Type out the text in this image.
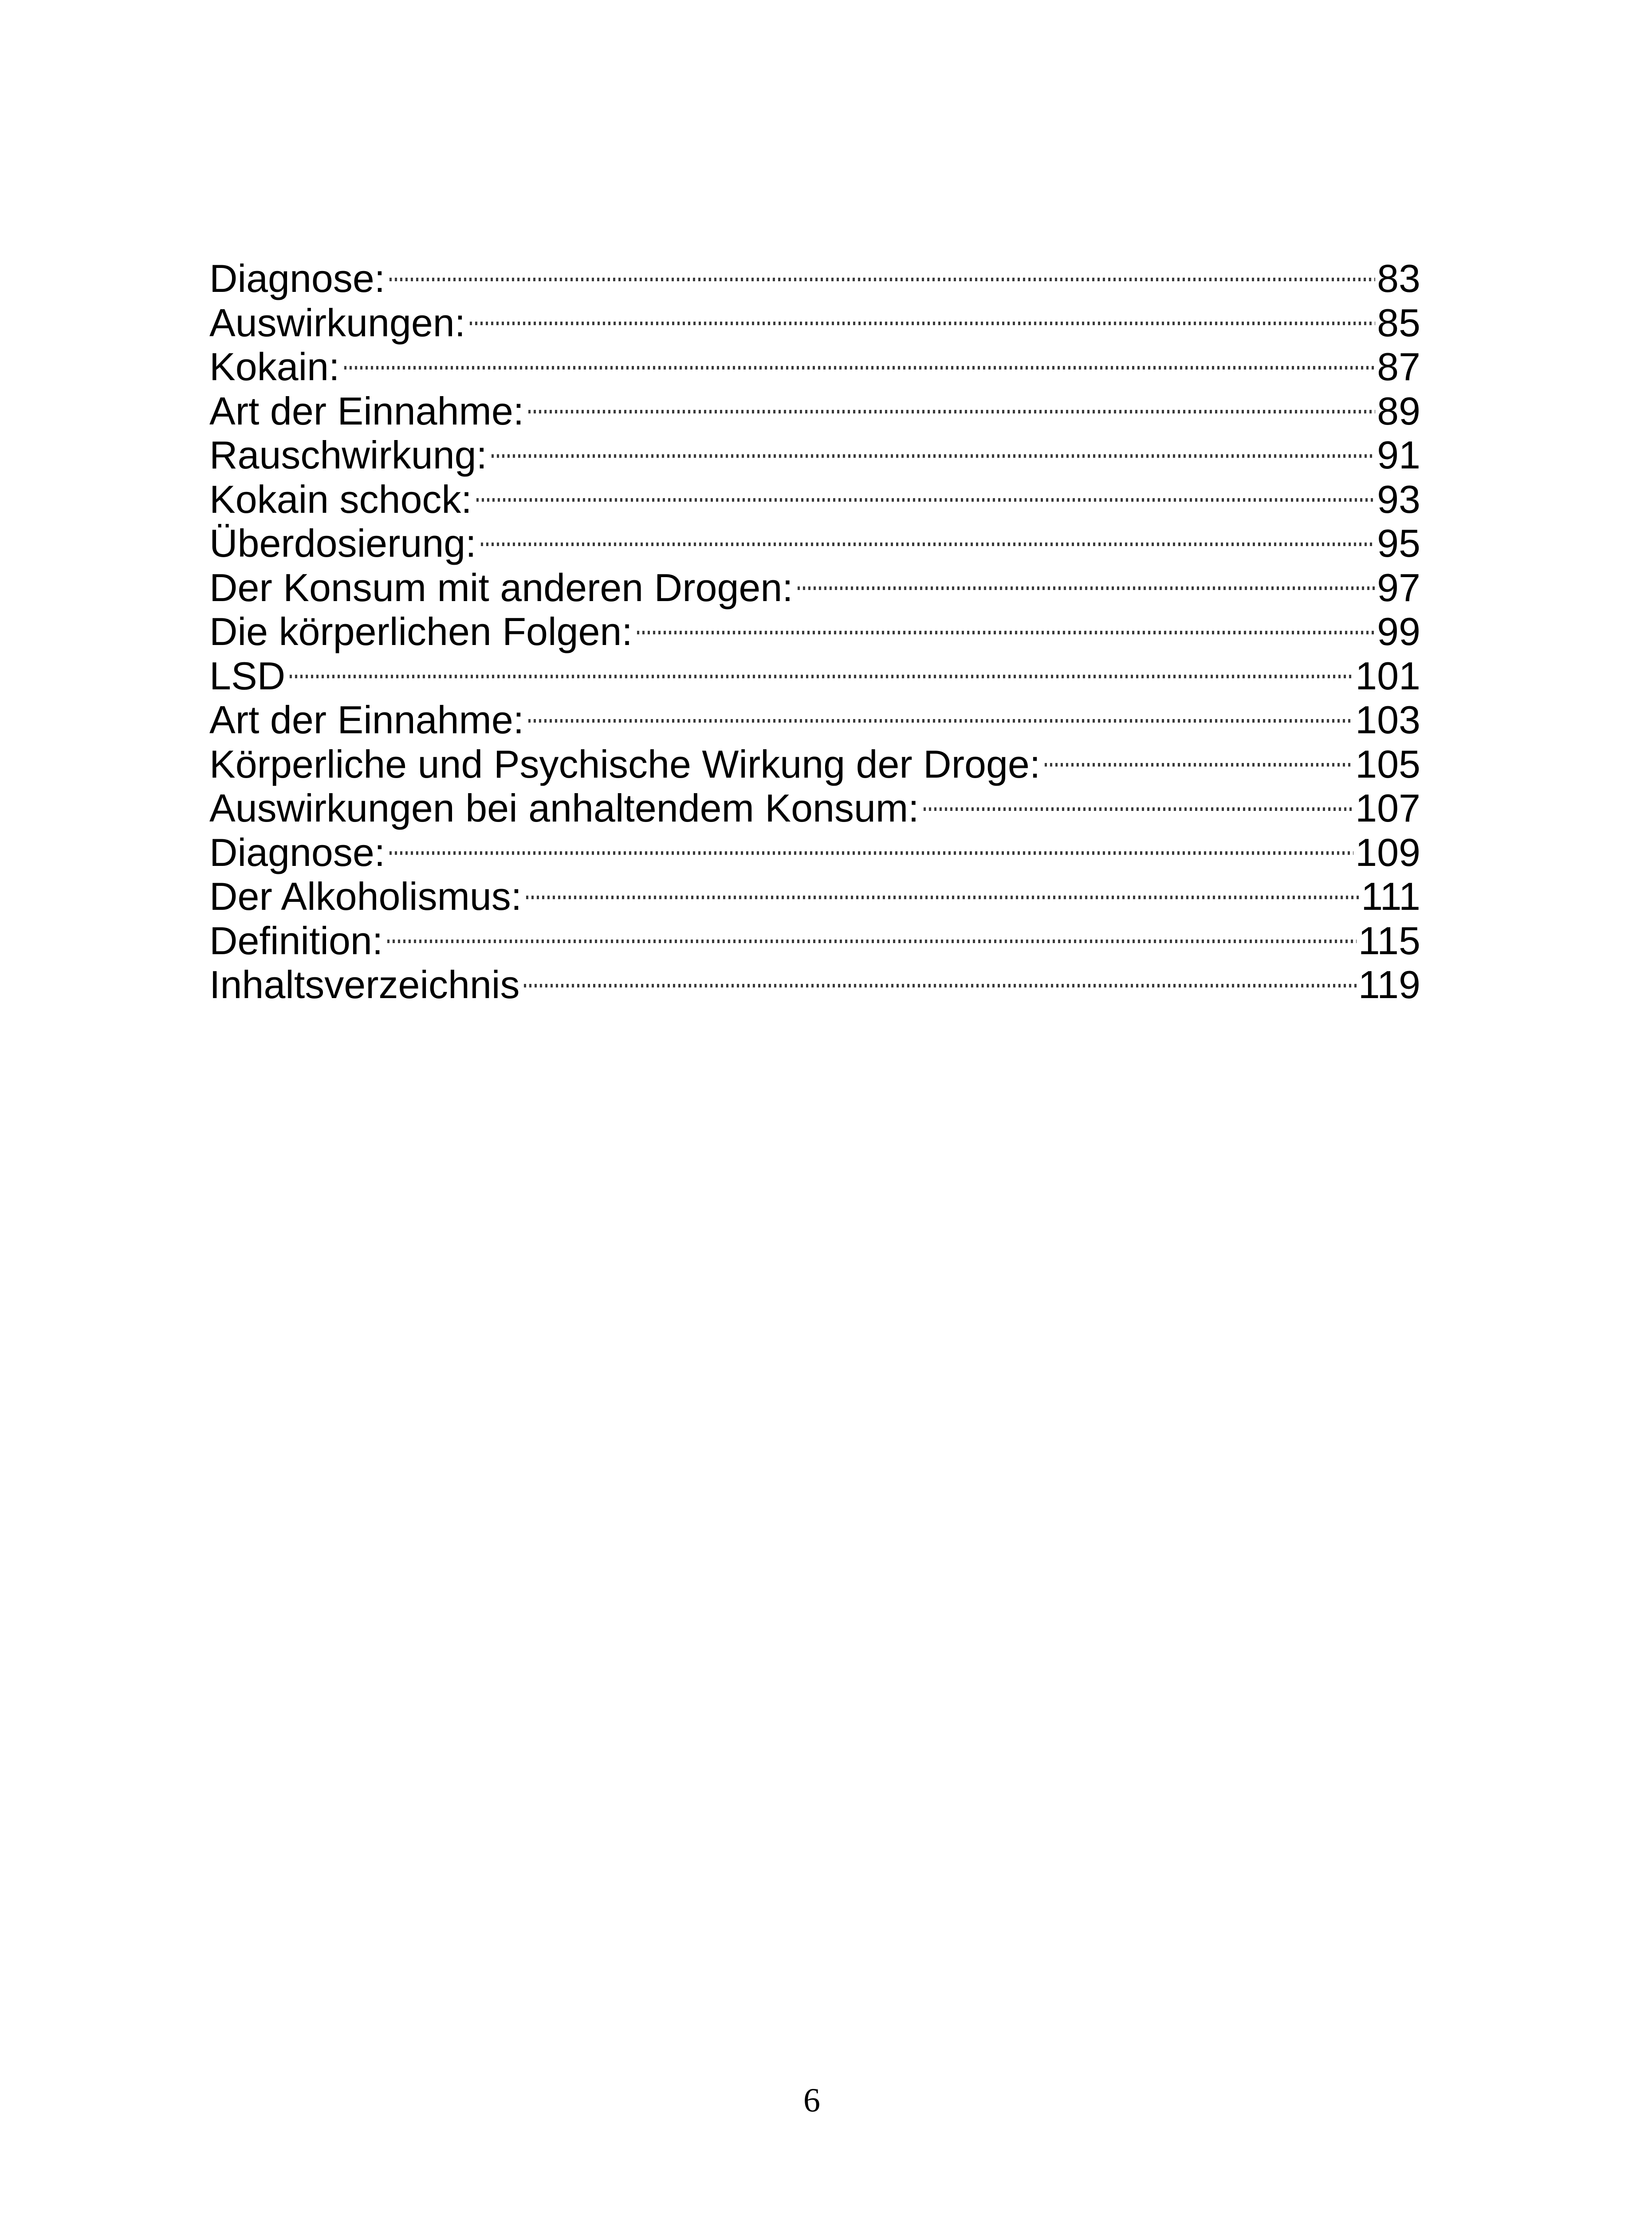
Diagnose:	83
Auswirkungen:	85
Kokain:	87
Art der Einnahme:	89
Rauschwirkung:	91
Kokain schock:	93
Überdosierung:	95
Der Konsum mit anderen Drogen:	97
Die körperlichen Folgen:	99
LSD	101
Art der Einnahme:	103
Körperliche und Psychische Wirkung der Droge:	105
Auswirkungen bei anhaltendem Konsum:	107
Diagnose:	109
Der Alkoholismus:	111
Definition:	115
Inhaltsverzeichnis	119
6
